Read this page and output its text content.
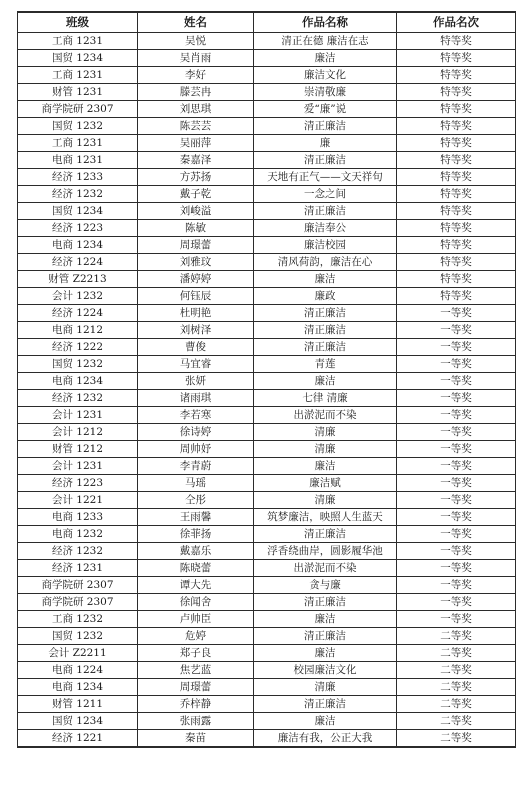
班级	姓名	作品名称	作品名次
工商 1231	吴悦	清正在德 廉洁在志	特等奖
国贸 1234	吴肖雨	廉洁	特等奖
工商 1231	李好	廉洁文化	特等奖
财管 1231	滕芸冉	崇清敬廉	特等奖
商学院研 2307	刘思琪	爱“廉”说	特等奖
国贸 1232	陈芸芸	清正廉洁	特等奖
工商 1231	吴丽萍	廉	特等奖
电商 1231	秦嘉泽	清正廉洁	特等奖
经济 1233	方苏扬	天地有正气——文天祥句	特等奖
经济 1232	戴子乾	一念之间	特等奖
国贸 1234	刘峻溢	清正廉洁	特等奖
经济 1223	陈敏	廉洁奉公	特等奖
电商 1234	周璟蕾	廉洁校园	特等奖
经济 1224	刘雅玟	清风荷韵，廉洁在心	特等奖
财管 Z2213	潘婷婷	廉洁	特等奖
会计 1232	何钰辰	廉政	特等奖
经济 1224	杜明艳	清正廉洁	一等奖
电商 1212	刘树泽	清正廉洁	一等奖
经济 1222	曹俊	清正廉洁	一等奖
国贸 1232	马宜睿	青莲	一等奖
电商 1234	张妍	廉洁	一等奖
经济 1232	诸雨琪	七律 清廉	一等奖
会计 1231	李若寒	出淤泥而不染	一等奖
会计 1212	徐诗婷	清廉	一等奖
财管 1212	周帅妤	清廉	一等奖
会计 1231	李青蔚	廉洁	一等奖
经济 1223	马瑶	廉洁赋	一等奖
会计 1221	仝彤	清廉	一等奖
电商 1233	王雨馨	筑梦廉洁，映照人生蓝天	一等奖
电商 1232	徐菲扬	清正廉洁	一等奖
经济 1232	戴嘉乐	浮香绕曲岸，圆影履华池	一等奖
经济 1231	陈晓蕾	出淤泥而不染	一等奖
商学院研 2307	谭大先	贪与廉	一等奖
商学院研 2307	徐闻舍	清正廉洁	一等奖
工商 1232	卢帅臣	廉洁	一等奖
国贸 1232	危婷	清正廉洁	二等奖
会计 Z2211	郑子良	廉洁	二等奖
电商 1224	焦艺蓝	校园廉洁文化	二等奖
电商 1234	周璟蕾	清廉	二等奖
财管 1211	乔梓静	清正廉洁	二等奖
国贸 1234	张雨露	廉洁	二等奖
经济 1221	秦苗	廉洁有我，公正大我	二等奖
